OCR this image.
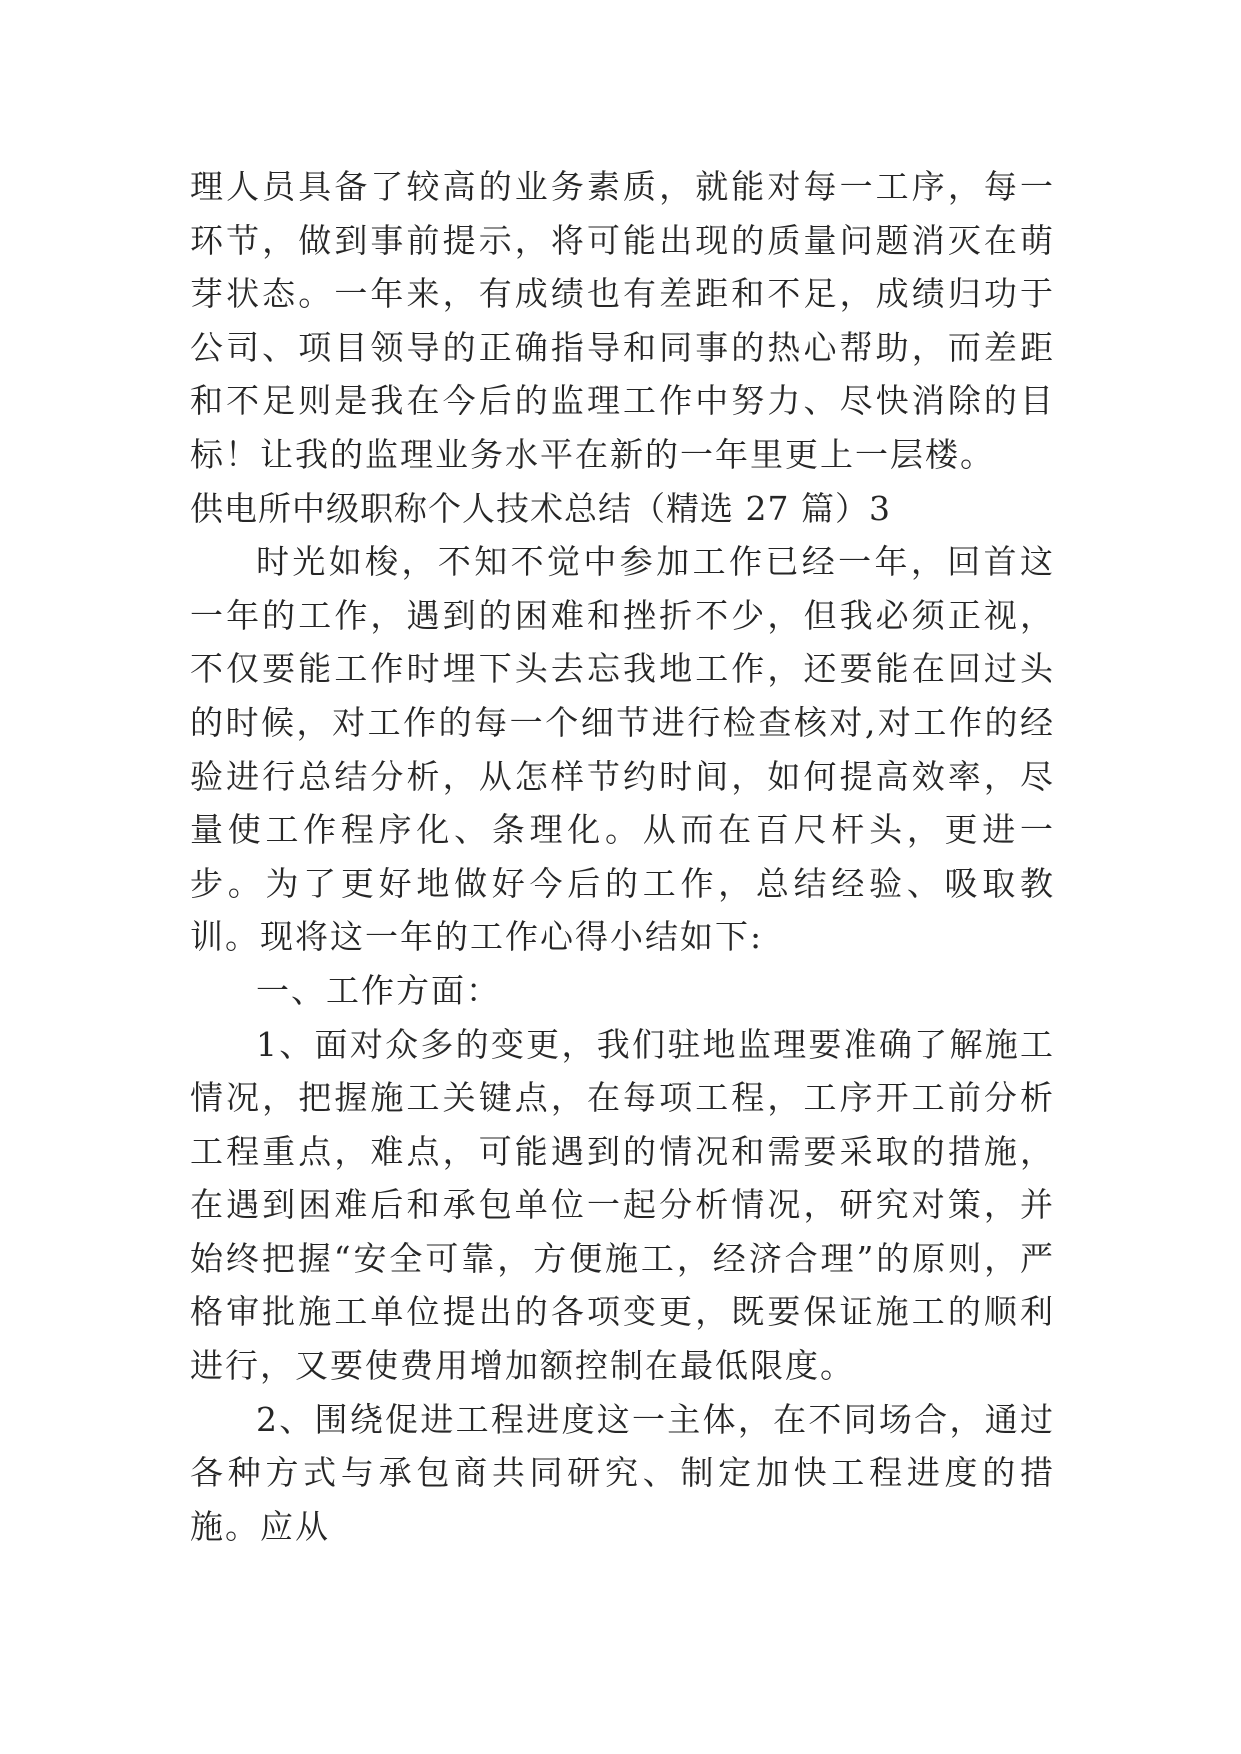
理人员具备了较高的业务素质，就能对每一工序，每一环节，做到事前提示，将可能出现的质量问题消灭在萌芽状态。一年来，有成绩也有差距和不足，成绩归功于公司、项目领导的正确指导和同事的热心帮助，而差距和不足则是我在今后的监理工作中努力、尽快消除的目标！让我的监理业务水平在新的一年里更上一层楼。

供电所中级职称个人技术总结（精选 27 篇）3

时光如梭，不知不觉中参加工作已经一年，回首这一年的工作，遇到的困难和挫折不少，但我必须正视，不仅要能工作时埋下头去忘我地工作，还要能在回过头的时候，对工作的每一个细节进行检查核对,对工作的经验进行总结分析，从怎样节约时间，如何提高效率，尽量使工作程序化、条理化。从而在百尺杆头，更进一步。为了更好地做好今后的工作，总结经验、吸取教训。现将这一年的工作心得小结如下:

一、工作方面：

1、面对众多的变更，我们驻地监理要准确了解施工情况，把握施工关键点，在每项工程，工序开工前分析工程重点，难点，可能遇到的情况和需要采取的措施，在遇到困难后和承包单位一起分析情况，研究对策，并始终把握“安全可靠，方便施工，经济合理”的原则，严格审批施工单位提出的各项变更，既要保证施工的顺利进行，又要使费用增加额控制在最低限度。

2、围绕促进工程进度这一主体，在不同场合，通过各种方式与承包商共同研究、制定加快工程进度的措施。应从
